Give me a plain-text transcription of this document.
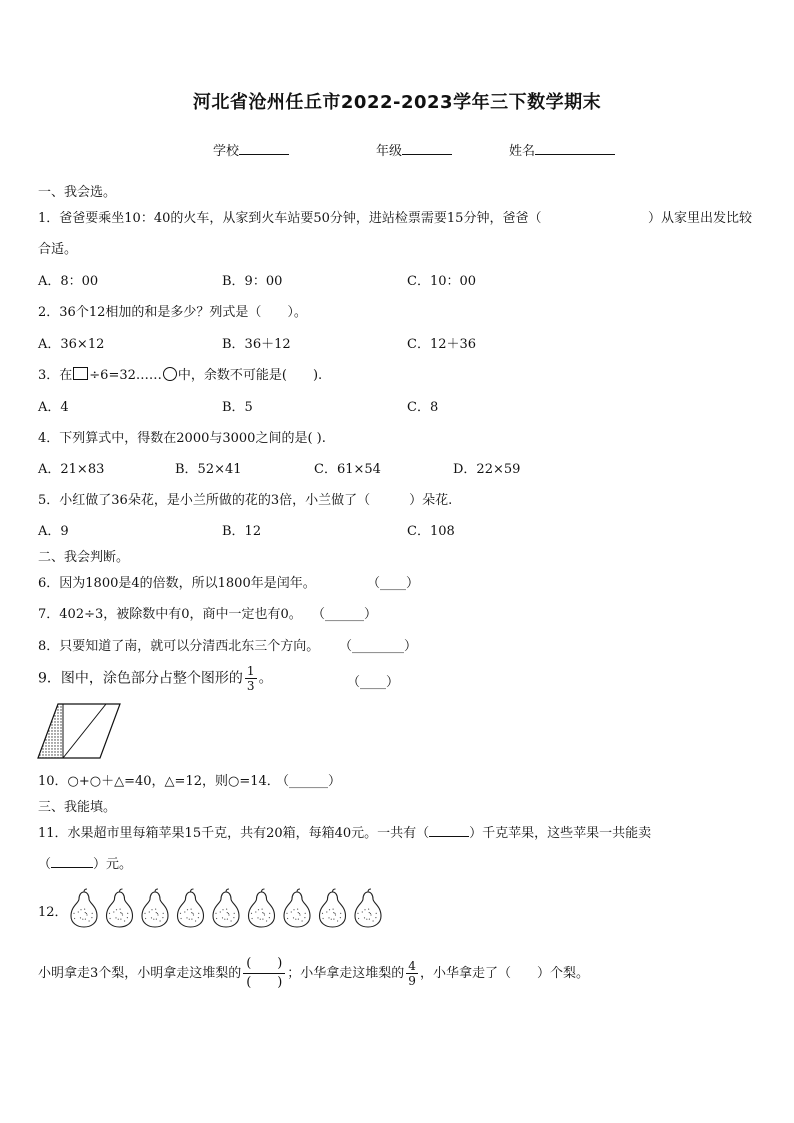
河北省沧州任丘市2022-2023学年三下数学期末
学校	年级	姓名
一、我会选。
1．爸爸要乘坐10：40的火车，从家到火车站要50分钟，进站检票需要15分钟，爸爸（	）从家里出发比较
合适。
A．8：00	B．9：00	C．10：00
2．36个12相加的和是多少？列式是（　　）。
A．36×12	B．36＋12	C．12＋36
3．在 ÷6=32…… 中，余数不可能是(　　).
A．4	B．5	C．8
4．下列算式中，得数在2000与3000之间的是( ).
A．21×83	B．52×41	C．61×54	D．22×59
5．小红做了36朵花，是小兰所做的花的3倍，小兰做了（　　　）朵花.
A．9	B．12	C．108
二、我会判断。
6．因为1800是4的倍数，所以1800年是闰年。	（____）
7．402÷3，被除数中有0，商中一定也有0。 （______）
8．只要知道了南，就可以分清西北东三个方向。 （________）
9．图中，涂色部分占整个图形的 $\frac{1}{3}$ 。	（____）
10．○+○＋△=40，△=12，则○=14．
（______）
三、我能填。
11．水果超市里每箱苹果15千克，共有20箱，每箱40元。一共有（	）千克苹果，这些苹果一共能卖
（	）元。
12．
小明拿走3个梨，小明拿走这堆梨的 $\frac{( )}{( )}$ ；小华拿走这堆梨的 $\frac{4}{9}$ ，小华拿走了（　　）个梨。
